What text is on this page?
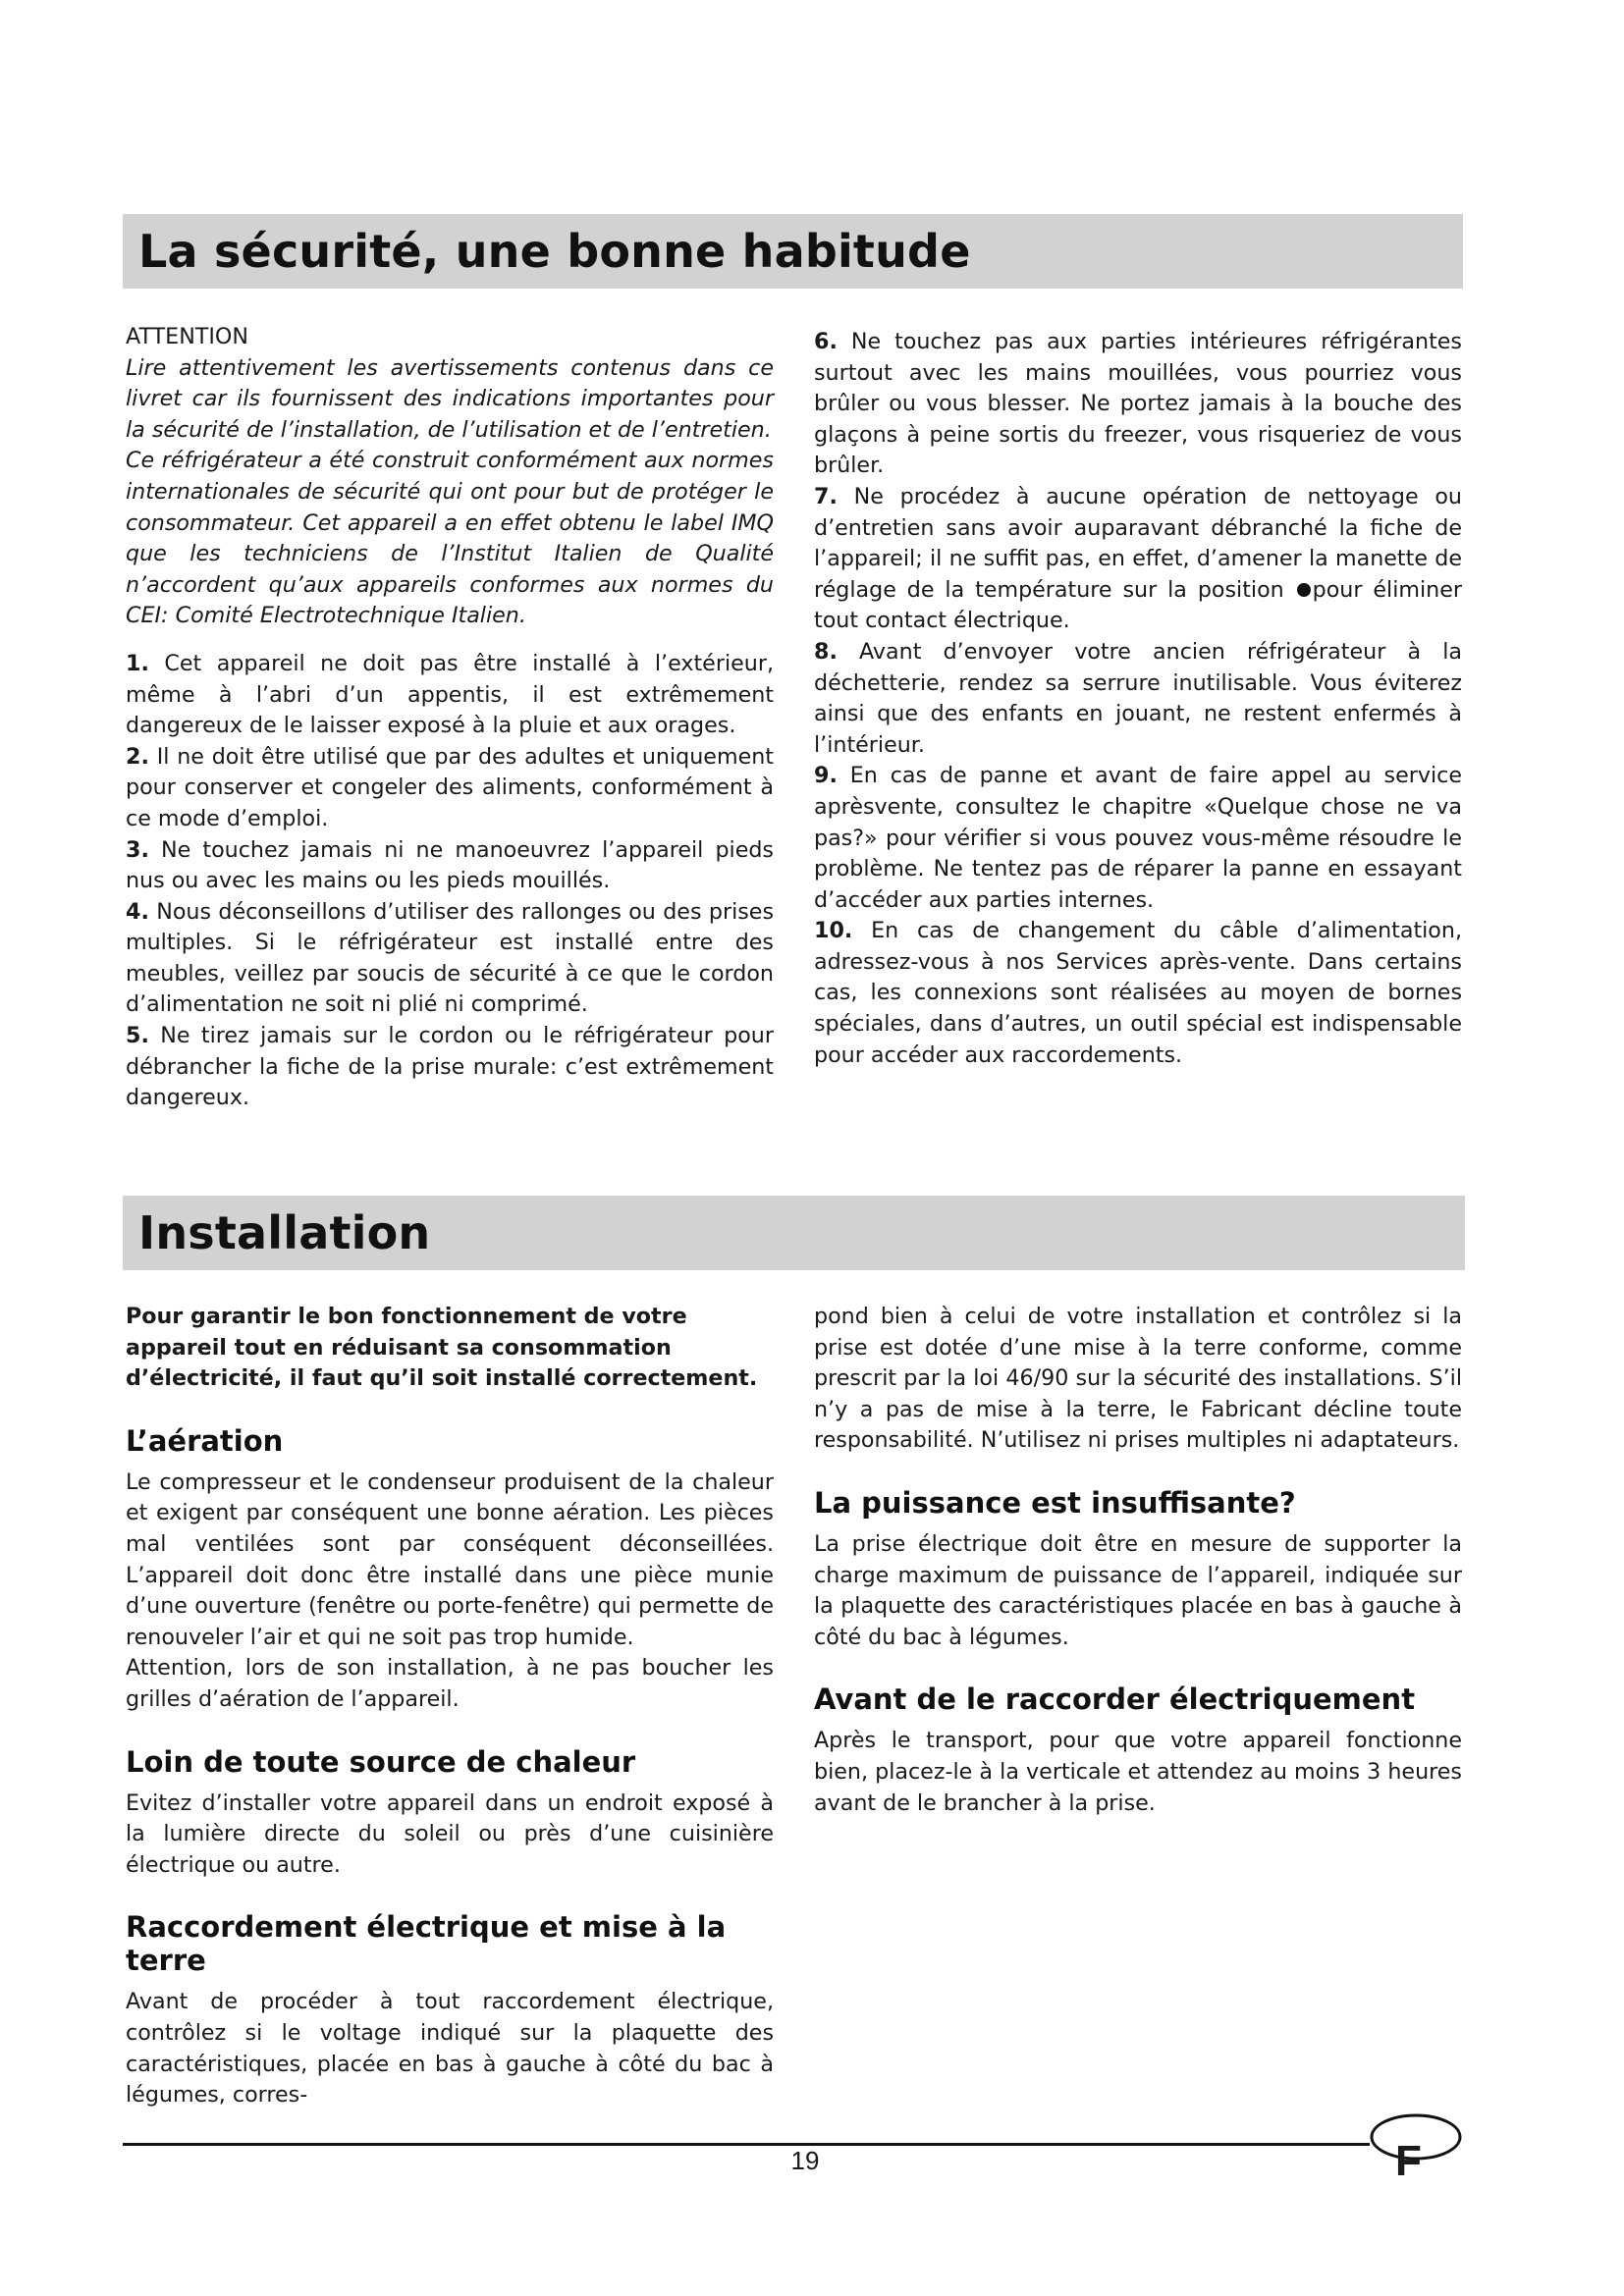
La sécurité, une bonne habitude

ATTENTION

Lire attentivement les avertissements contenus dans ce livret car ils fournissent des indications importantes pour la sécurité de l’installation, de l’utilisation et de l’entretien.

Ce réfrigérateur a été construit conformément aux normes internationales de sécurité qui ont pour but de protéger le consommateur. Cet appareil a en effet obtenu le label IMQ que les techniciens de l’Institut Italien de Qualité n’accordent qu’aux appareils conformes aux normes du CEI: Comité Electrotechnique Italien.

1. Cet appareil ne doit pas être installé à l’extérieur, même à l’abri d’un appentis, il est extrêmement dangereux de le laisser exposé à la pluie et aux orages.

2. Il ne doit être utilisé que par des adultes et uniquement pour conserver et congeler des aliments, conformément à ce mode d’emploi.

3. Ne touchez jamais ni ne manoeuvrez l’appareil pieds nus ou avec les mains ou les pieds mouillés.

4. Nous déconseillons d’utiliser des rallonges ou des prises multiples. Si le réfrigérateur est installé entre des meubles, veillez par soucis de sécurité à ce que le cordon d’alimentation ne soit ni plié ni comprimé.

5. Ne tirez jamais sur le cordon ou le réfrigérateur pour débrancher la fiche de la prise murale: c’est extrêmement dangereux.

6. Ne touchez pas aux parties intérieures réfrigérantes surtout avec les mains mouillées, vous pourriez vous brûler ou vous blesser. Ne portez jamais à la bouche des glaçons à peine sortis du freezer, vous risqueriez de vous brûler.

7. Ne procédez à aucune opération de nettoyage ou d’entretien sans avoir auparavant débranché la fiche de l’appareil; il ne suffit pas, en effet, d’amener la manette de réglage de la température sur la position pour éliminer tout contact électrique.

8. Avant d’envoyer votre ancien réfrigérateur à la déchetterie, rendez sa serrure inutilisable. Vous éviterez ainsi que des enfants en jouant, ne restent enfermés à l’intérieur.

9. En cas de panne et avant de faire appel au service aprèsvente, consultez le chapitre «Quelque chose ne va pas?» pour vérifier si vous pouvez vous-même résoudre le problème. Ne tentez pas de réparer la panne en essayant d’accéder aux parties internes.

10. En cas de changement du câble d’alimentation, adressez-vous à nos Services après-vente. Dans certains cas, les connexions sont réalisées au moyen de bornes spéciales, dans d’autres, un outil spécial est indispensable pour accéder aux raccordements.

Installation

Pour garantir le bon fonctionnement de votre appareil tout en réduisant sa consommation d’électricité, il faut qu’il soit installé correctement.

L’aération

Le compresseur et le condenseur produisent de la chaleur et exigent par conséquent une bonne aération. Les pièces mal ventilées sont par conséquent déconseillées. L’appareil doit donc être installé dans une pièce munie d’une ouverture (fenêtre ou porte-fenêtre) qui permette de renouveler l’air et qui ne soit pas trop humide.

Attention, lors de son installation, à ne pas boucher les grilles d’aération de l’appareil.

Loin de toute source de chaleur

Evitez d’installer votre appareil dans un endroit exposé à la lumière directe du soleil ou près d’une cuisinière électrique ou autre.

Raccordement électrique et mise à la terre

Avant de procéder à tout raccordement électrique, contrôlez si le voltage indiqué sur la plaquette des caractéristiques, placée en bas à gauche à côté du bac à légumes, corres-

pond bien à celui de votre installation et contrôlez si la prise est dotée d’une mise à la terre conforme, comme prescrit par la loi 46/90 sur la sécurité des installations. S’il n’y a pas de mise à la terre, le Fabricant décline toute responsabilité. N’utilisez ni prises multiples ni adaptateurs.

La puissance est insuffisante?

La prise électrique doit être en mesure de supporter la charge maximum de puissance de l’appareil, indiquée sur la plaquette des caractéristiques placée en bas à gauche à côté du bac à légumes.

Avant de le raccorder électriquement

Après le transport, pour que votre appareil fonctionne bien, placez-le à la verticale et attendez au moins 3 heures avant de le brancher à la prise.

19	F
